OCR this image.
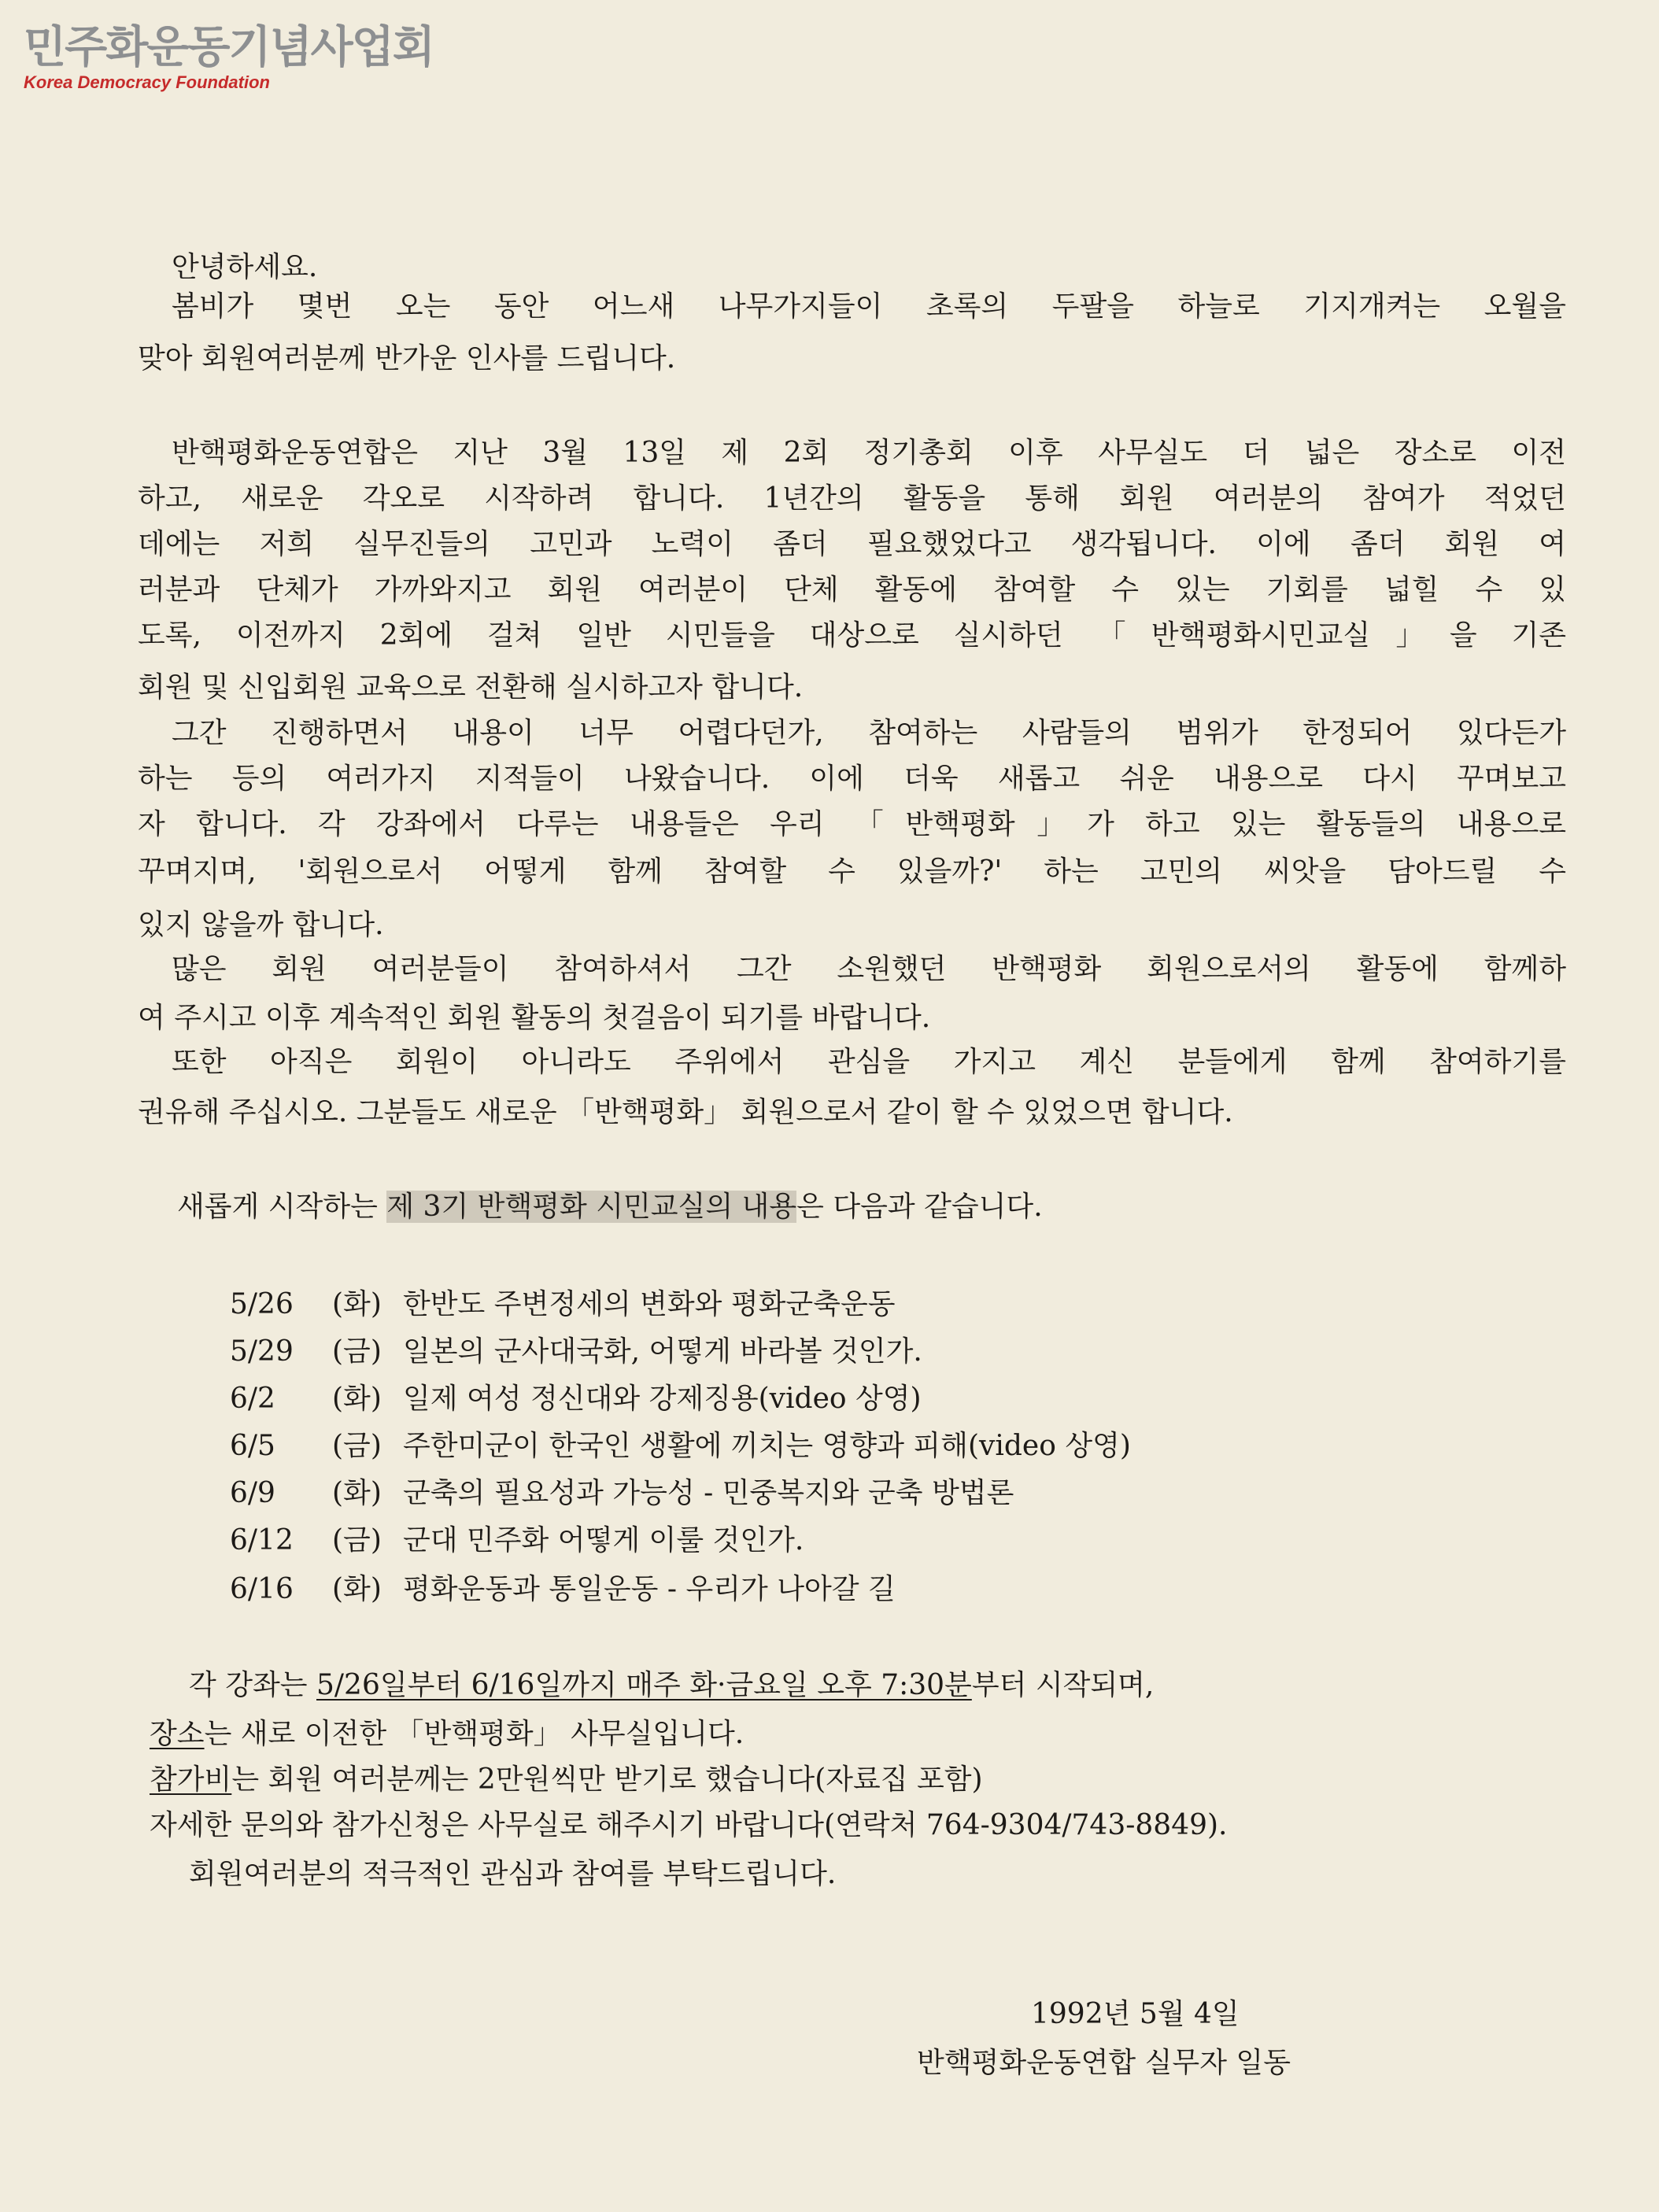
민주화운동기념사업회
Korea Democracy Foundation
안녕하세요.
봄비가 몇번 오는 동안 어느새 나무가지들이 초록의 두팔을 하늘로 기지개켜는 오월을
맞아 회원여러분께 반가운 인사를 드립니다.
반핵평화운동연합은 지난 3월 13일 제 2회 정기총회 이후 사무실도 더 넓은 장소로 이전
하고, 새로운 각오로 시작하려 합니다. 1년간의 활동을 통해 회원 여러분의 참여가 적었던
데에는 저희 실무진들의 고민과 노력이 좀더 필요했었다고 생각됩니다. 이에 좀더 회원 여
러분과 단체가 가까와지고 회원 여러분이 단체 활동에 참여할 수 있는 기회를 넓힐 수 있
도록, 이전까지 2회에 걸쳐 일반 시민들을 대상으로 실시하던 「반핵평화시민교실」을 기존
회원 및 신입회원 교육으로 전환해 실시하고자 합니다.
그간 진행하면서 내용이 너무 어렵다던가, 참여하는 사람들의 범위가 한정되어 있다든가
하는 등의 여러가지 지적들이 나왔습니다. 이에 더욱 새롭고 쉬운 내용으로 다시 꾸며보고
자 합니다. 각 강좌에서 다루는 내용들은 우리 「반핵평화」가 하고 있는 활동들의 내용으로
꾸며지며, '회원으로서 어떻게 함께 참여할 수 있을까?' 하는 고민의 씨앗을 담아드릴 수
있지 않을까 합니다.
많은 회원 여러분들이 참여하셔서 그간 소원했던 반핵평화 회원으로서의 활동에 함께하
여 주시고 이후 계속적인 회원 활동의 첫걸음이 되기를 바랍니다.
또한 아직은 회원이 아니라도 주위에서 관심을 가지고 계신 분들에게 함께 참여하기를
권유해 주십시오. 그분들도 새로운 「반핵평화」 회원으로서 같이 할 수 있었으면 합니다.
새롭게 시작하는 제 3기 반핵평화 시민교실의 내용은 다음과 같습니다.
5/26 (화) 한반도 주변정세의 변화와 평화군축운동
5/29 (금) 일본의 군사대국화, 어떻게 바라볼 것인가.
6/2 (화) 일제 여성 정신대와 강제징용(video 상영)
6/5 (금) 주한미군이 한국인 생활에 끼치는 영향과 피해(video 상영)
6/9 (화) 군축의 필요성과 가능성 - 민중복지와 군축 방법론
6/12 (금) 군대 민주화 어떻게 이룰 것인가.
6/16 (화) 평화운동과 통일운동 - 우리가 나아갈 길
각 강좌는 5/26일부터 6/16일까지 매주 화·금요일 오후 7:30분부터 시작되며,
장소는 새로 이전한 「반핵평화」 사무실입니다.
참가비는 회원 여러분께는 2만원씩만 받기로 했습니다(자료집 포함)
자세한 문의와 참가신청은 사무실로 해주시기 바랍니다(연락처 764-9304/743-8849).
회원여러분의 적극적인 관심과 참여를 부탁드립니다.
1992년 5월 4일
반핵평화운동연합 실무자 일동
